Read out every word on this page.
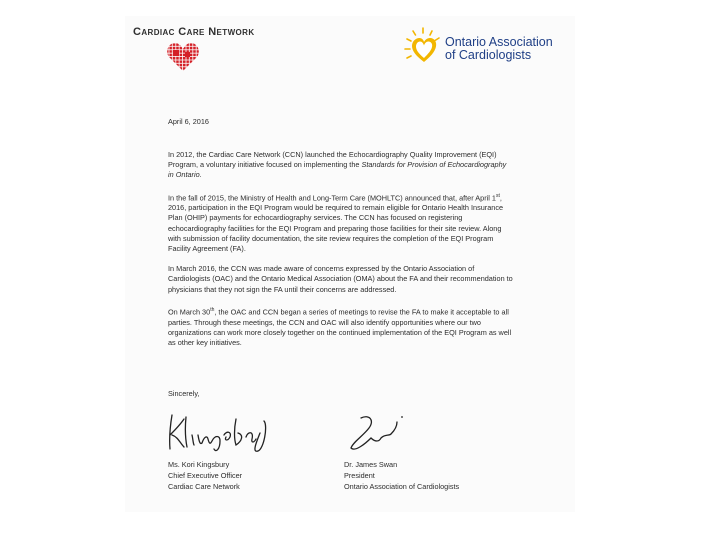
Cardiac Care Network
Ontario Association
of Cardiologists

April 6, 2016

In 2012, the Cardiac Care Network (CCN) launched the Echocardiography Quality Improvement (EQI) Program, a voluntary initiative focused on implementing the Standards for Provision of Echocardiography in Ontario.

In the fall of 2015, the Ministry of Health and Long-Term Care (MOHLTC) announced that, after April 1st, 2016, participation in the EQI Program would be required to remain eligible for Ontario Health Insurance Plan (OHIP) payments for echocardiography services. The CCN has focused on registering echocardiography facilities for the EQI Program and preparing those facilities for their site review. Along with submission of facility documentation, the site review requires the completion of the EQI Program Facility Agreement (FA).

In March 2016, the CCN was made aware of concerns expressed by the Ontario Association of Cardiologists (OAC) and the Ontario Medical Association (OMA) about the FA and their recommendation to physicians that they not sign the FA until their concerns are addressed.

On March 30th, the OAC and CCN began a series of meetings to revise the FA to make it acceptable to all parties. Through these meetings, the CCN and OAC will also identify opportunities where our two organizations can work more closely together on the continued implementation of the EQI Program as well as other key initiatives.

Sincerely,
Ms. Kori Kingsbury
Chief Executive Officer
Cardiac Care Network
Dr. James Swan
President
Ontario Association of Cardiologists
